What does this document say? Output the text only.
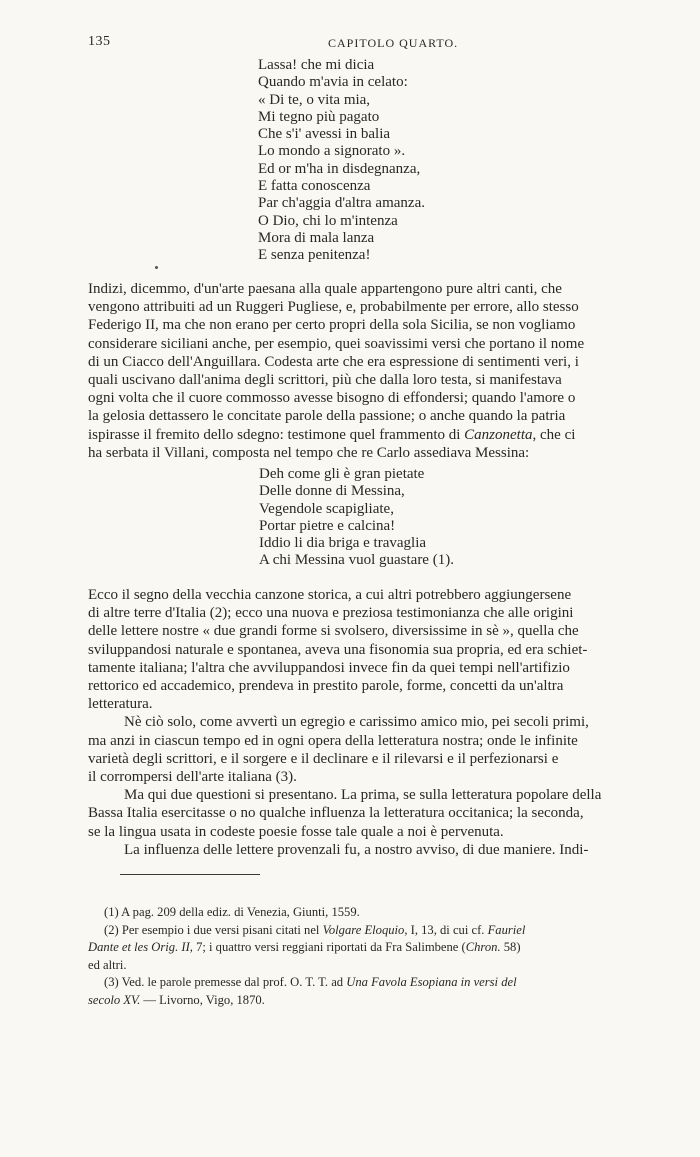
135	CAPITOLO QUARTO.
Lassa! che mi dicia
Quando m'avia in celato:
« Di te, o vita mia,
Mi tegno più pagato
Che s'i' avessi in balia
Lo mondo a signorato ».
Ed or m'ha in disdegnanza,
E fatta conoscenza
Par ch'aggia d'altra amanza.
O Dio, chi lo m'intenza
Mora di mala lanza
E senza penitenza!

Indizi, dicemmo, d'un'arte paesana alla quale appartengono pure altri canti, che

vengono attribuiti ad un Ruggeri Pugliese, e, probabilmente per errore, allo stesso

Federigo II, ma che non erano per certo propri della sola Sicilia, se non vogliamo

considerare siciliani anche, per esempio, quei soavissimi versi che portano il nome

di un Ciacco dell'Anguillara. Codesta arte che era espressione di sentimenti veri, i

quali uscivano dall'anima degli scrittori, più che dalla loro testa, si manifestava

ogni volta che il cuore commosso avesse bisogno di effondersi; quando l'amore o

la gelosia dettassero le concitate parole della passione; o anche quando la patria

ispirasse il fremito dello sdegno: testimone quel frammento di Canzonetta, che ci

ha serbata il Villani, composta nel tempo che re Carlo assediava Messina:

Deh come gli è gran pietate
Delle donne di Messina,
Vegendole scapigliate,
Portar pietre e calcina!
Iddio li dia briga e travaglia
A chi Messina vuol guastare (1).

Ecco il segno della vecchia canzone storica, a cui altri potrebbero aggiungersene

di altre terre d'Italia (2); ecco una nuova e preziosa testimonianza che alle origini

delle lettere nostre « due grandi forme si svolsero, diversissime in sè », quella che

sviluppandosi naturale e spontanea, aveva una fisonomia sua propria, ed era schiet-

tamente italiana; l'altra che avviluppandosi invece fin da quei tempi nell'artifizio

rettorico ed accademico, prendeva in prestito parole, forme, concetti da un'altra

letteratura.

Nè ciò solo, come avvertì un egregio e carissimo amico mio, pei secoli primi,

ma anzi in ciascun tempo ed in ogni opera della letteratura nostra; onde le infinite

varietà degli scrittori, e il sorgere e il declinare e il rilevarsi e il perfezionarsi e

il corrompersi dell'arte italiana (3).

Ma qui due questioni si presentano. La prima, se sulla letteratura popolare della

Bassa Italia esercitasse o no qualche influenza la letteratura occitanica; la seconda,

se la lingua usata in codeste poesie fosse tale quale a noi è pervenuta.

La influenza delle lettere provenzali fu, a nostro avviso, di due maniere. Indi-

(1) A pag. 209 della ediz. di Venezia, Giunti, 1559.

(2) Per esempio i due versi pisani citati nel Volgare Eloquio, I, 13, di cui cf. Fauriel

Dante et les Orig. II, 7; i quattro versi reggiani riportati da Fra Salimbene (Chron. 58)

ed altri.

(3) Ved. le parole premesse dal prof. O. T. T. ad Una Favola Esopiana in versi del

secolo XV. — Livorno, Vigo, 1870.
